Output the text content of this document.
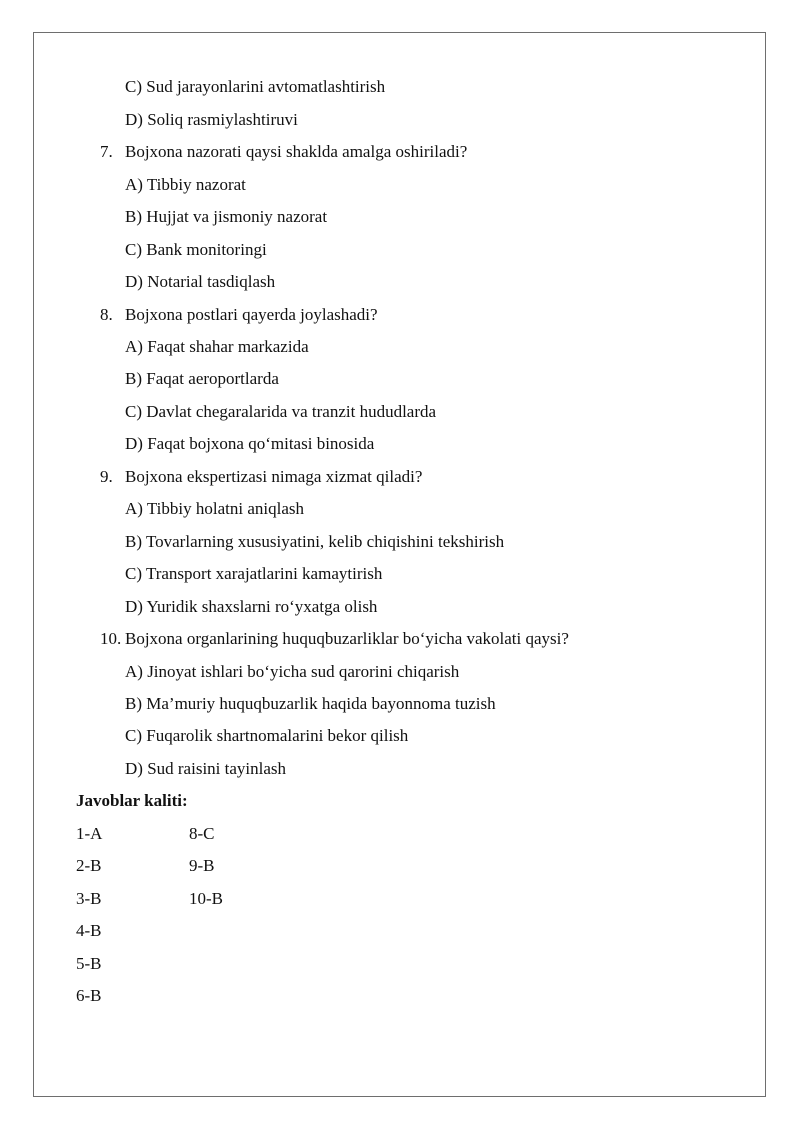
C) Sud jarayonlarini avtomatlashtirish
D) Soliq rasmiylashtiruvi
7. Bojxona nazorati qaysi shaklda amalga oshiriladi?
A) Tibbiy nazorat
B) Hujjat va jismoniy nazorat
C) Bank monitoringi
D) Notarial tasdiqlash
8. Bojxona postlari qayerda joylashadi?
A) Faqat shahar markazida
B) Faqat aeroportlarda
C) Davlat chegaralarida va tranzit hududlarda
D) Faqat bojxona qo‘mitasi binosida
9. Bojxona ekspertizasi nimaga xizmat qiladi?
A) Tibbiy holatni aniqlash
B) Tovarlarning xususiyatini, kelib chiqishini tekshirish
C) Transport xarajatlarini kamaytirish
D) Yuridik shaxslarni ro‘yxatga olish
10. Bojxona organlarining huquqbuzarliklar bo‘yicha vakolati qaysi?
A) Jinoyat ishlari bo‘yicha sud qarorini chiqarish
B) Ma’muriy huquqbuzarlik haqida bayonnoma tuzish
C) Fuqarolik shartnomalarini bekor qilish
D) Sud raisini tayinlash
Javoblar kaliti:
1-A
2-B
3-B
4-B
5-B
6-B
8-C
9-B
10-B
